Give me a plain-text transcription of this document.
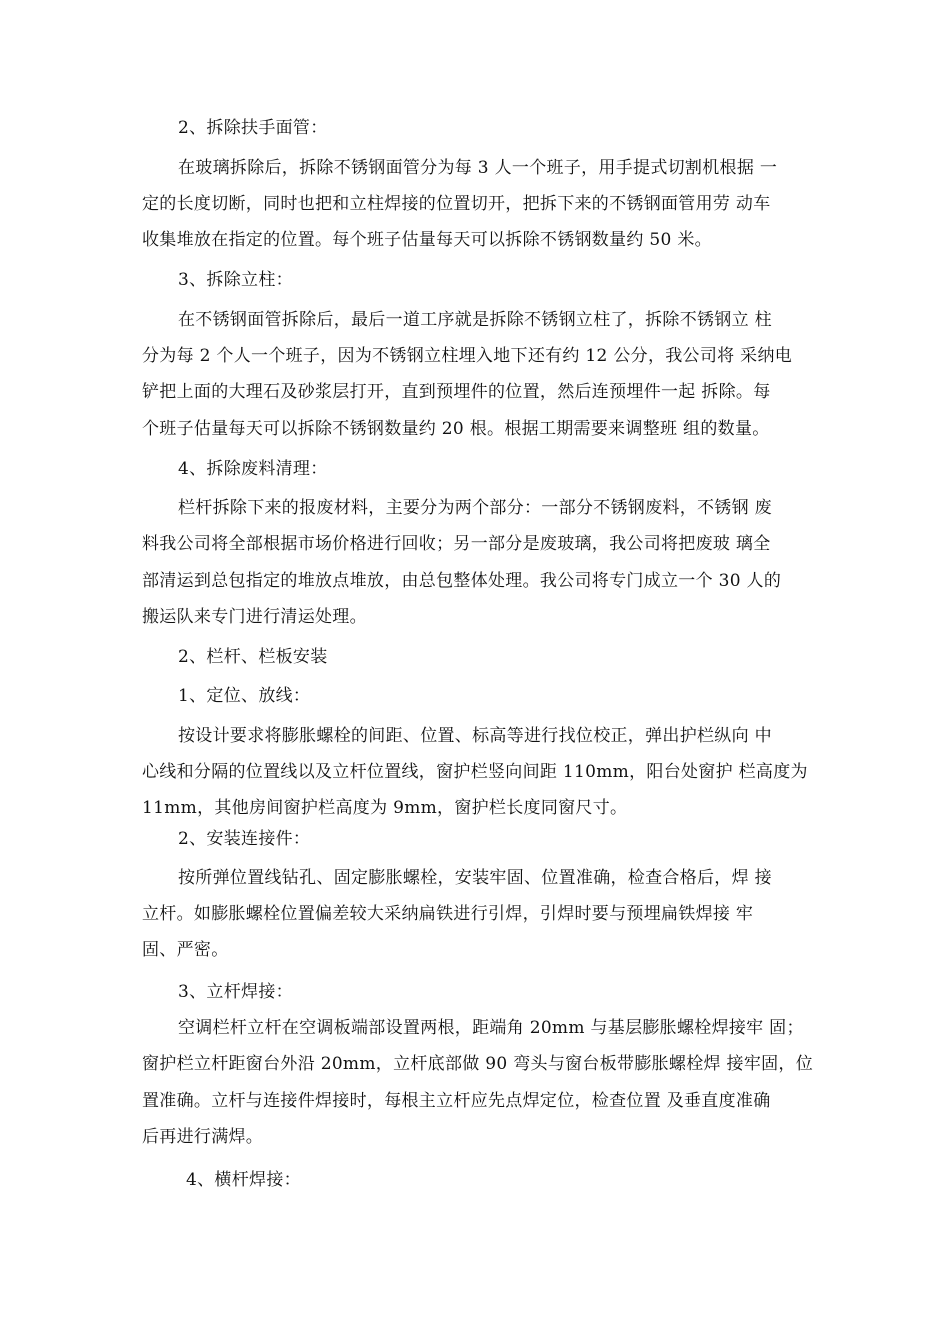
2、拆除扶手面管：
在玻璃拆除后，拆除不锈钢面管分为每 3 人一个班子，用手提式切割机根据 一
定的长度切断，同时也把和立柱焊接的位置切开，把拆下来的不锈钢面管用劳 动车
收集堆放在指定的位置。每个班子估量每天可以拆除不锈钢数量约 50 米。
3、拆除立柱：
在不锈钢面管拆除后，最后一道工序就是拆除不锈钢立柱了，拆除不锈钢立 柱
分为每 2 个人一个班子，因为不锈钢立柱埋入地下还有约 12 公分，我公司将 采纳电
铲把上面的大理石及砂浆层打开，直到预埋件的位置，然后连预埋件一起 拆除。每
个班子估量每天可以拆除不锈钢数量约 20 根。根据工期需要来调整班 组的数量。
4、拆除废料清理：
栏杆拆除下来的报废材料，主要分为两个部分：一部分不锈钢废料，不锈钢 废
料我公司将全部根据市场价格进行回收；另一部分是废玻璃，我公司将把废玻 璃全
部清运到总包指定的堆放点堆放，由总包整体处理。我公司将专门成立一个 30 人的
搬运队来专门进行清运处理。
2、栏杆、栏板安装
1、定位、放线：
按设计要求将膨胀螺栓的间距、位置、标高等进行找位校正，弹出护栏纵向 中
心线和分隔的位置线以及立杆位置线，窗护栏竖向间距 110mm，阳台处窗护 栏高度为
11mm，其他房间窗护栏高度为 9mm，窗护栏长度同窗尺寸。
2、安装连接件：
按所弹位置线钻孔、固定膨胀螺栓，安装牢固、位置准确，检查合格后，焊 接
立杆。如膨胀螺栓位置偏差较大采纳扁铁进行引焊，引焊时要与预埋扁铁焊接 牢
固、严密。
3、立杆焊接：
空调栏杆立杆在空调板端部设置两根，距端角 20mm 与基层膨胀螺栓焊接牢 固；
窗护栏立杆距窗台外沿 20mm，立杆底部做 90 弯头与窗台板带膨胀螺栓焊 接牢固，位
置准确。立杆与连接件焊接时，每根主立杆应先点焊定位，检查位置 及垂直度准确
后再进行满焊。
4、横杆焊接：
